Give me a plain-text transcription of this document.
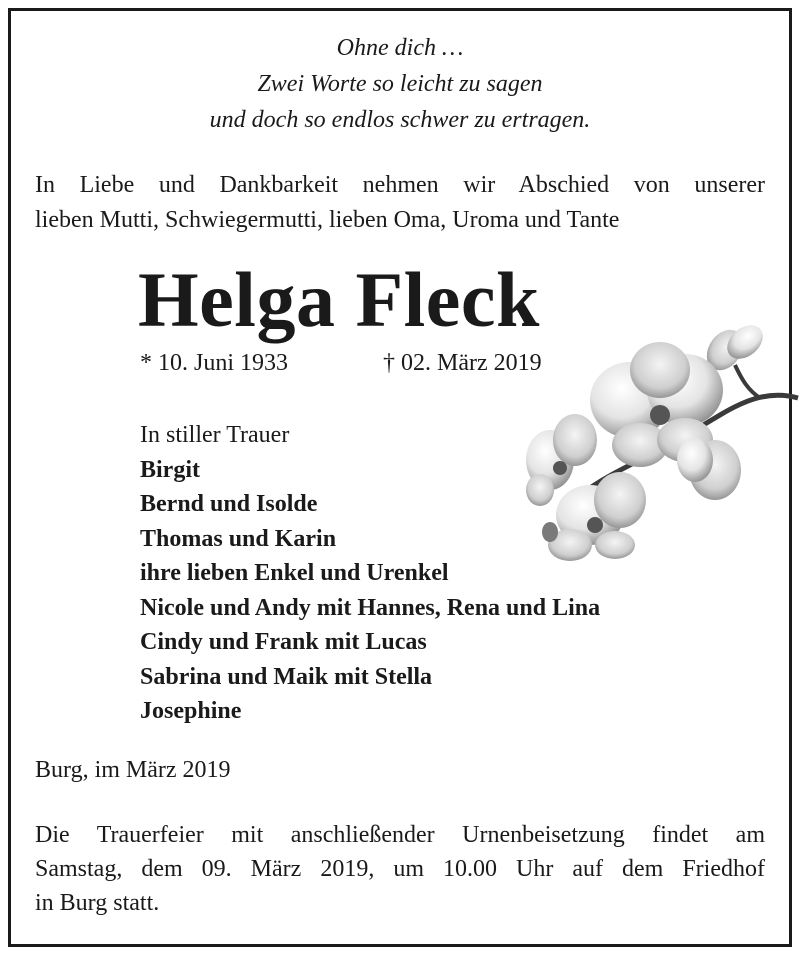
Ohne dich …
Zwei Worte so leicht zu sagen
und doch so endlos schwer zu ertragen.
In Liebe und Dankbarkeit nehmen wir Abschied von unserer
lieben Mutti, Schwiegermutti, lieben Oma, Uroma und Tante
Helga Fleck
* 10. Juni 1933	† 02. März 2019
In stiller Trauer
Birgit
Bernd und Isolde
Thomas und Karin
ihre lieben Enkel und Urenkel
Nicole und Andy mit Hannes, Rena und Lina
Cindy und Frank mit Lucas
Sabrina und Maik mit Stella
Josephine
Burg, im März 2019
Die Trauerfeier mit anschließender Urnenbeisetzung findet am
Samstag, dem 09. März 2019, um 10.00 Uhr auf dem Friedhof
in Burg statt.
